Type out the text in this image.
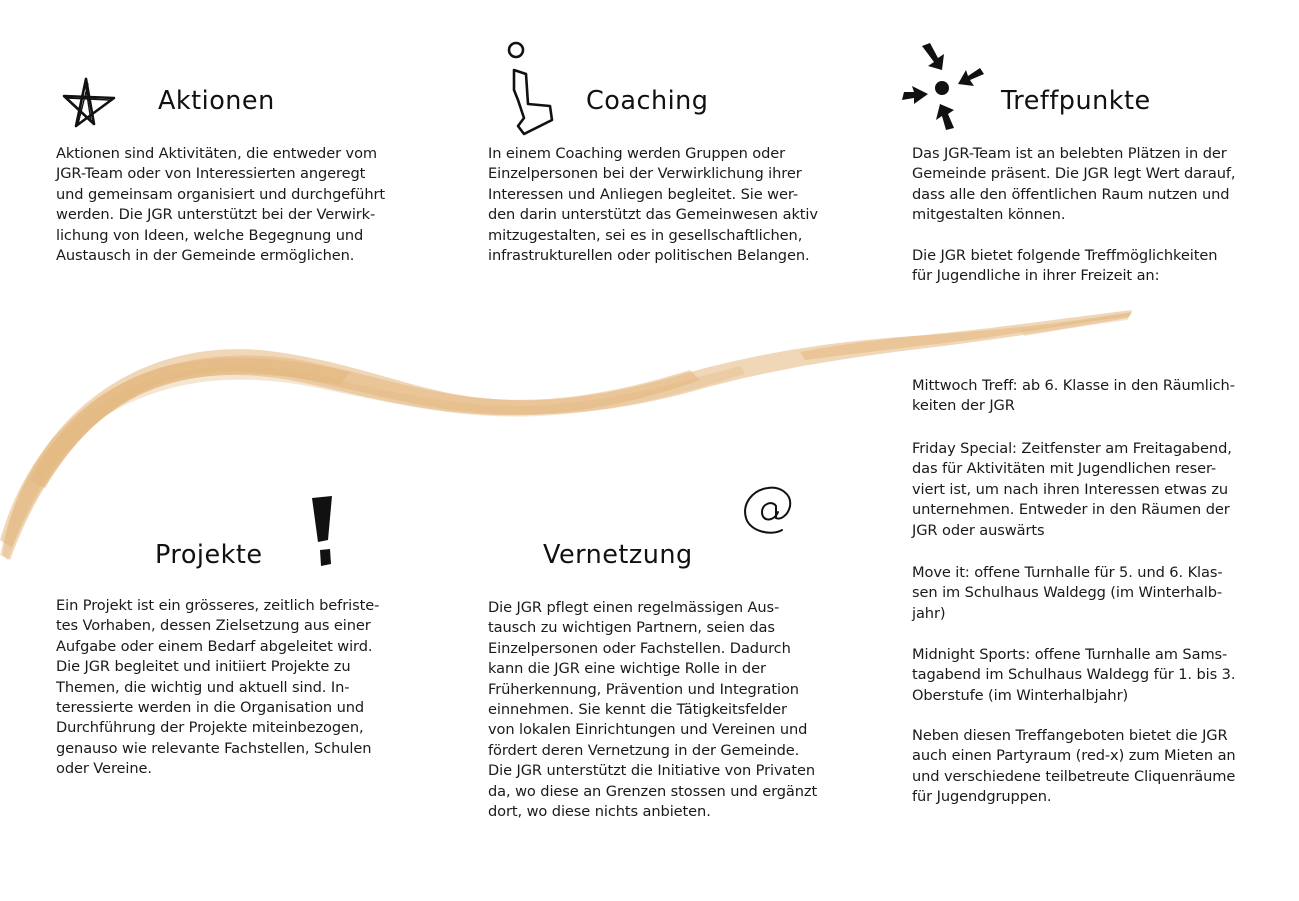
Aktionen

Aktionen sind Aktivitäten, die entweder vom
JGR-Team oder von Interessierten angeregt
und gemeinsam organisiert und durchgeführt
werden. Die JGR unterstützt bei der Verwirk-
lichung von Ideen, welche Begegnung und
Austausch in der Gemeinde ermöglichen.

Coaching

In einem Coaching werden Gruppen oder
Einzelpersonen bei der Verwirklichung ihrer
Interessen und Anliegen begleitet. Sie wer-
den darin unterstützt das Gemeinwesen aktiv
mitzugestalten, sei es in gesellschaftlichen,
infrastrukturellen oder politischen Belangen.

Treffpunkte

Das JGR-Team ist an belebten Plätzen in der
Gemeinde präsent. Die JGR legt Wert darauf,
dass alle den öffentlichen Raum nutzen und
mitgestalten können.

Die JGR bietet folgende Treffmöglichkeiten
für Jugendliche in ihrer Freizeit an:

Mittwoch Treff: ab 6. Klasse in den Räumlich-
keiten der JGR

Friday Special: Zeitfenster am Freitagabend,
das für Aktivitäten mit Jugendlichen reser-
viert ist, um nach ihren Interessen etwas zu
unternehmen. Entweder in den Räumen der
JGR oder auswärts

Move it: offene Turnhalle für 5. und 6. Klas-
sen im Schulhaus Waldegg (im Winterhalb-
jahr)

Midnight Sports: offene Turnhalle am Sams-
tagabend im Schulhaus Waldegg für 1. bis 3.
Oberstufe (im Winterhalbjahr)

Neben diesen Treffangeboten bietet die JGR
auch einen Partyraum (red-x) zum Mieten an
und verschiedene teilbetreute Cliquenräume
für Jugendgruppen.

Projekte

Ein Projekt ist ein grösseres, zeitlich befriste-
tes Vorhaben, dessen Zielsetzung aus einer
Aufgabe oder einem Bedarf abgeleitet wird.
Die JGR begleitet und initiiert Projekte zu
Themen, die wichtig und aktuell sind. In-
teressierte werden in die Organisation und
Durchführung der Projekte miteinbezogen,
genauso wie relevante Fachstellen, Schulen
oder Vereine.

Vernetzung

Die JGR pflegt einen regelmässigen Aus-
tausch zu wichtigen Partnern, seien das
Einzelpersonen oder Fachstellen. Dadurch
kann die JGR eine wichtige Rolle in der
Früherkennung, Prävention und Integration
einnehmen. Sie kennt die Tätigkeitsfelder
von lokalen Einrichtungen und Vereinen und
fördert deren Vernetzung in der Gemeinde.
Die JGR unterstützt die Initiative von Privaten
da, wo diese an Grenzen stossen und ergänzt
dort, wo diese nichts anbieten.
